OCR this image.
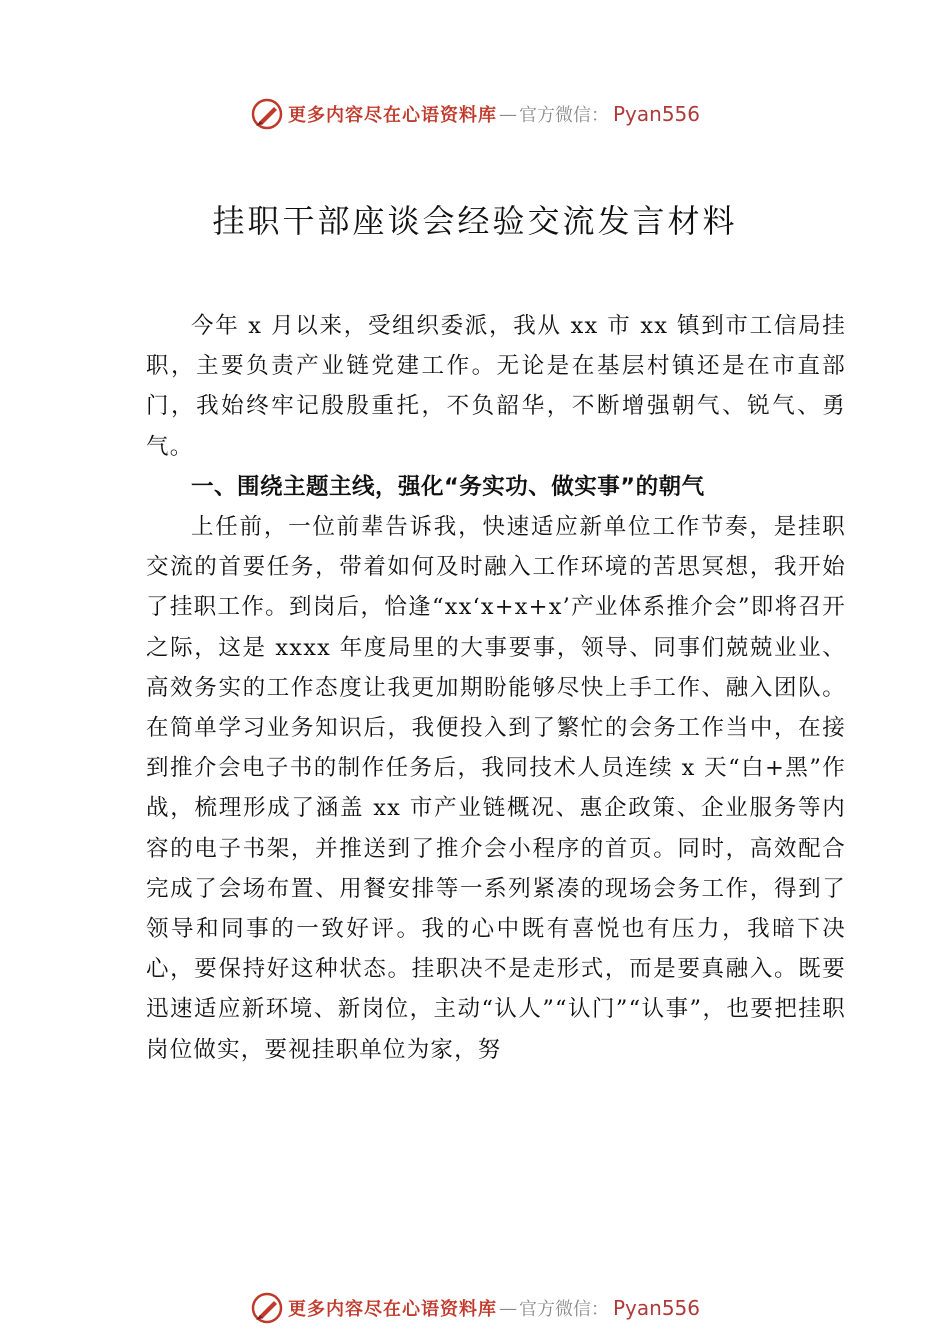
更多内容尽在心语资料库 — 官方微信： Pyan556
挂职干部座谈会经验交流发言材料

今年 x 月以来，受组织委派，我从 xx 市 xx 镇到市工信局挂职，主要负责产业链党建工作。无论是在基层村镇还是在市直部门，我始终牢记殷殷重托，不负韶华，不断增强朝气、锐气、勇气。

一、围绕主题主线，强化“务实功、做实事”的朝气

上任前，一位前辈告诉我，快速适应新单位工作节奏，是挂职交流的首要任务，带着如何及时融入工作环境的苦思冥想，我开始了挂职工作。到岗后，恰逢“xx‘x+x+x’产业体系推介会”即将召开之际，这是 xxxx 年度局里的大事要事，领导、同事们兢兢业业、高效务实的工作态度让我更加期盼能够尽快上手工作、融入团队。在简单学习业务知识后，我便投入到了繁忙的会务工作当中，在接到推介会电子书的制作任务后，我同技术人员连续 x 天“白+黑”作战，梳理形成了涵盖 xx 市产业链概况、惠企政策、企业服务等内容的电子书架，并推送到了推介会小程序的首页。同时，高效配合完成了会场布置、用餐安排等一系列紧凑的现场会务工作，得到了领导和同事的一致好评。我的心中既有喜悦也有压力，我暗下决心，要保持好这种状态。挂职决不是走形式，而是要真融入。既要迅速适应新环境、新岗位，主动“认人”“认门”“认事”，也要把挂职岗位做实，要视挂职单位为家，努

更多内容尽在心语资料库 — 官方微信： Pyan556
